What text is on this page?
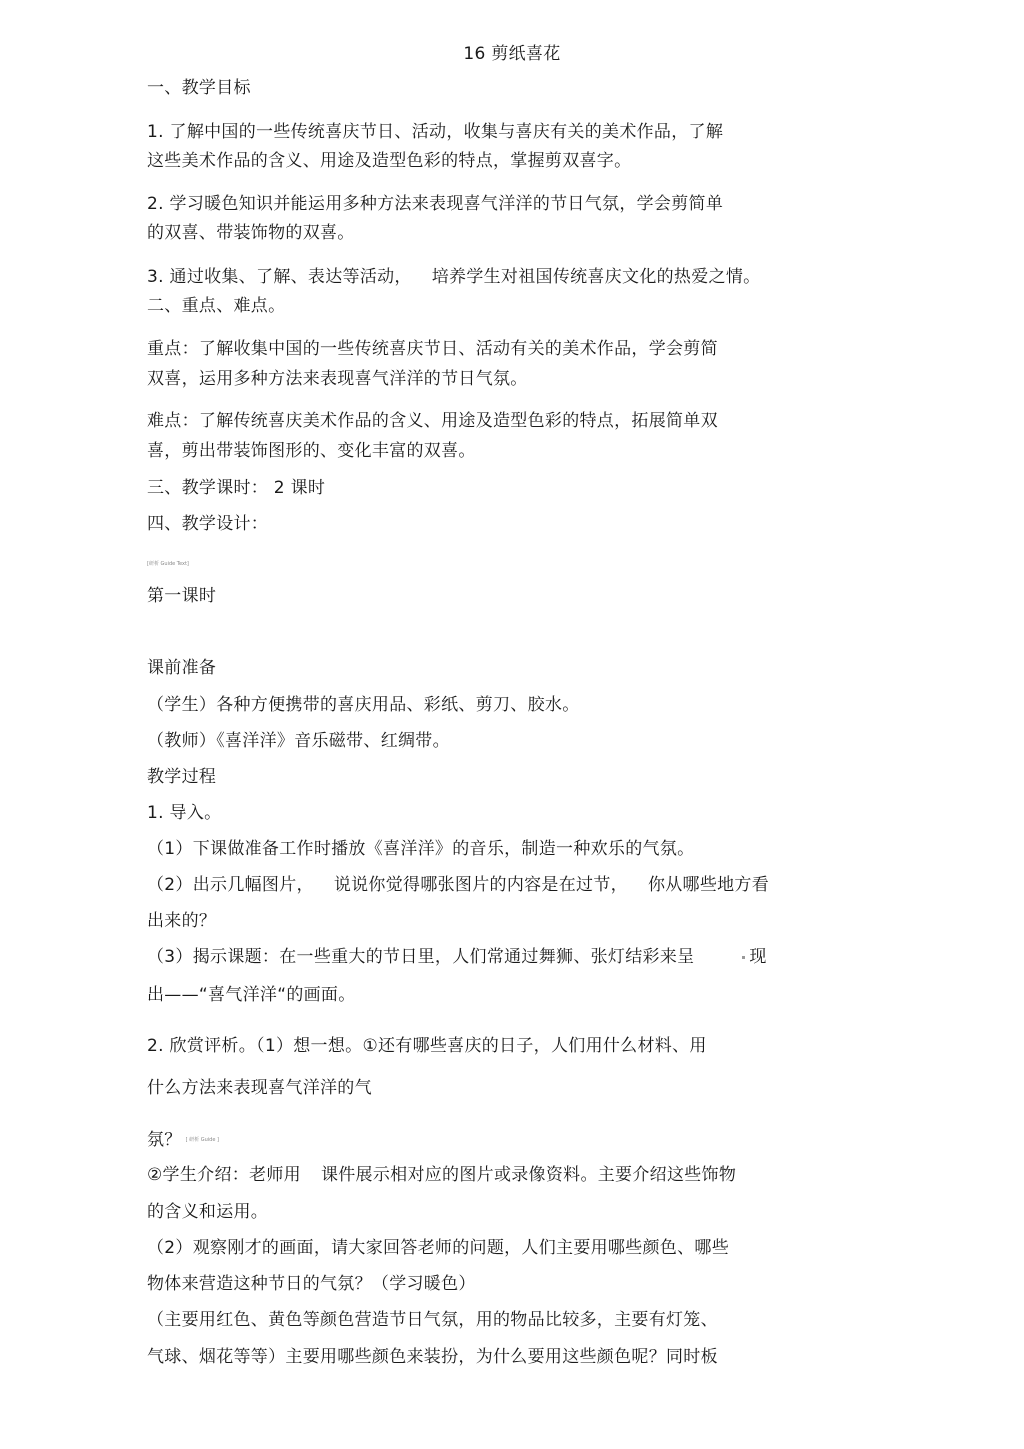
16 剪纸喜花
一、教学目标
1. 了解中国的一些传统喜庆节日、活动，收集与喜庆有关的美术作品，了解
这些美术作品的含义、用途及造型色彩的特点，掌握剪双喜字。
2. 学习暖色知识并能运用多种方法来表现喜气洋洋的节日气氛，学会剪简单
的双喜、带装饰物的双喜。
3. 通过收集、了解、表达等活动， 培养学生对祖国传统喜庆文化的热爱之情。
二、重点、难点。
重点：了解收集中国的一些传统喜庆节日、活动有关的美术作品，学会剪简
双喜，运用多种方法来表现喜气洋洋的节日气氛。
难点：了解传统喜庆美术作品的含义、用途及造型色彩的特点，拓展简单双
喜，剪出带装饰图形的、变化丰富的双喜。
三、教学课时： 2 课时
四、教学设计：
[研析 Guide Text]
第一课时
课前准备
（学生）各种方便携带的喜庆用品、彩纸、剪刀、胶水。
（教师）《喜洋洋》音乐磁带、红绸带。
教学过程
1. 导入。
（1）下课做准备工作时播放《喜洋洋》的音乐，制造一种欢乐的气氛。
（2）出示几幅图片， 说说你觉得哪张图片的内容是在过节， 你从哪些地方看
出来的？
（3）揭示课题：在一些重大的节日里，人们常通过舞狮、张灯结彩来呈	现
出——“喜气洋洋“的画面。
2. 欣赏评析。（1）想一想。①还有哪些喜庆的日子，人们用什么材料、用
什么方法来表现喜气洋洋的气
氛？ [ 研析 Guide ]
②学生介绍：老师用 课件展示相对应的图片或录像资料。主要介绍这些饰物
的含义和运用。
（2）观察刚才的画面，请大家回答老师的问题，人们主要用哪些颜色、哪些
物体来营造这种节日的气氛？（学习暖色）
（主要用红色、黄色等颜色营造节日气氛，用的物品比较多，主要有灯笼、
气球、烟花等等）主要用哪些颜色来装扮，为什么要用这些颜色呢？同时板
